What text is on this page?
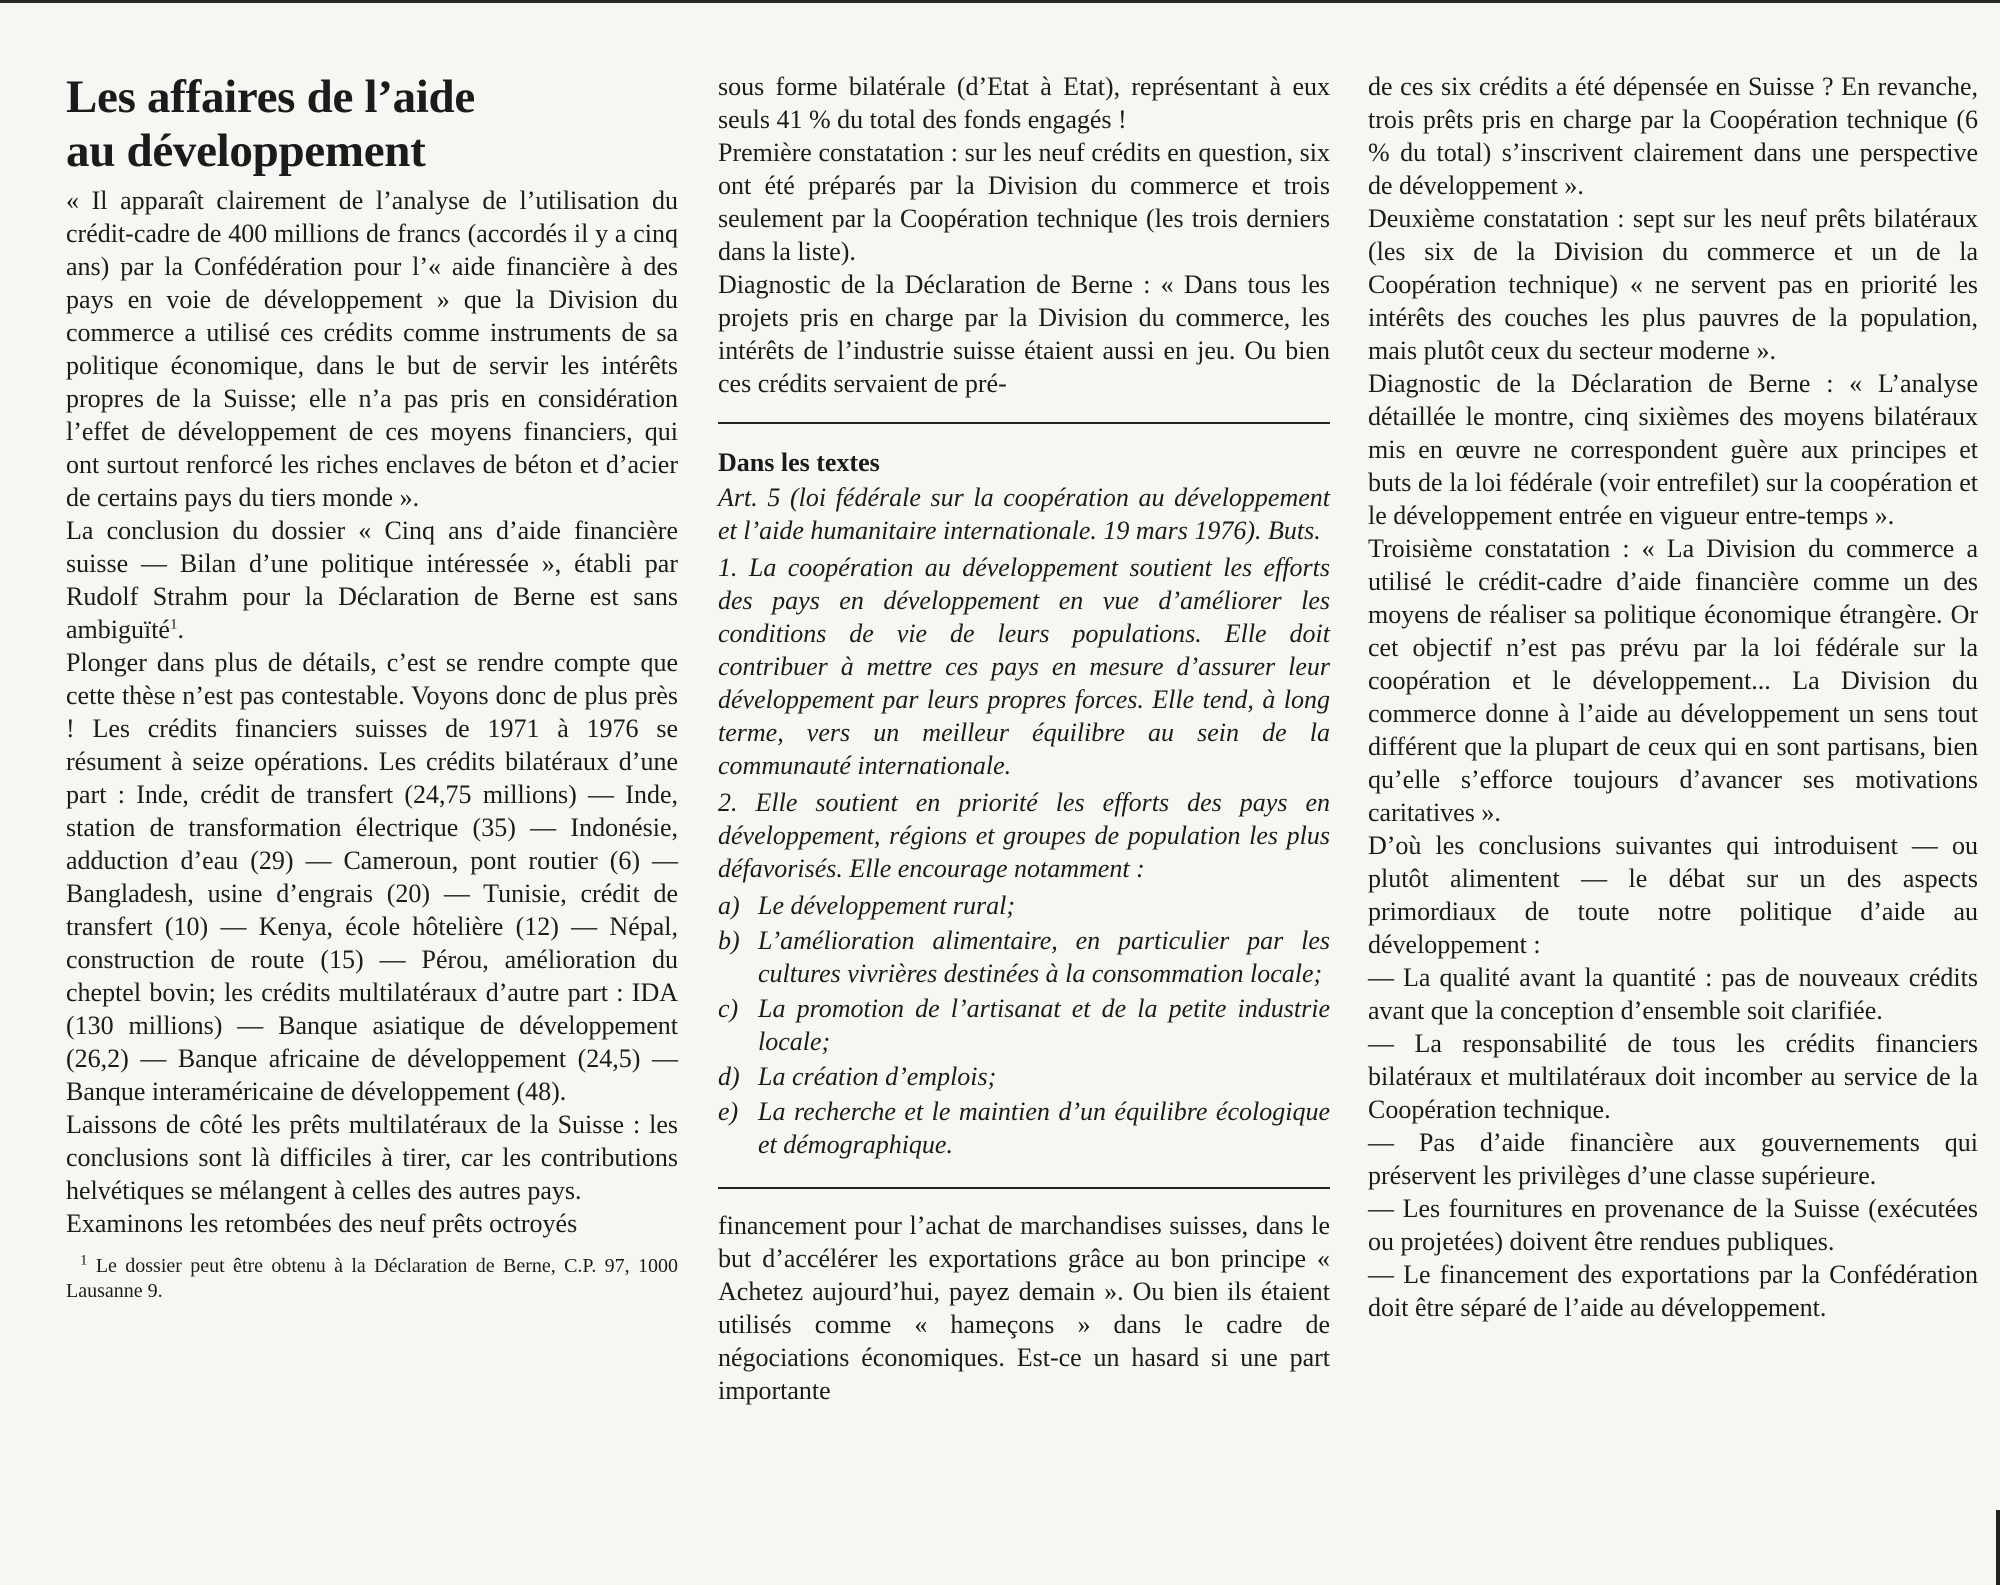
Les affaires de l’aide
au développement

« Il apparaît clairement de l’analyse de l’utilisation du crédit-cadre de 400 millions de francs (accordés il y a cinq ans) par la Confédération pour l’« aide financière à des pays en voie de développement » que la Division du commerce a utilisé ces crédits comme instruments de sa politique économique, dans le but de servir les intérêts propres de la Suisse; elle n’a pas pris en considération l’effet de développement de ces moyens financiers, qui ont surtout renforcé les riches enclaves de béton et d’acier de certains pays du tiers monde ».

La conclusion du dossier « Cinq ans d’aide financière suisse — Bilan d’une politique intéressée », établi par Rudolf Strahm pour la Déclaration de Berne est sans ambiguïté$^1$.

Plonger dans plus de détails, c’est se rendre compte que cette thèse n’est pas contestable. Voyons donc de plus près ! Les crédits financiers suisses de 1971 à 1976 se résument à seize opérations. Les crédits bilatéraux d’une part : Inde, crédit de transfert (24,75 millions) — Inde, station de transformation électrique (35) — Indonésie, adduction d’eau (29) — Cameroun, pont routier (6) — Bangladesh, usine d’engrais (20) — Tunisie, crédit de transfert (10) — Kenya, école hôtelière (12) — Népal, construction de route (15) — Pérou, amélioration du cheptel bovin; les crédits multilatéraux d’autre part : IDA (130 millions) — Banque asiatique de développement (26,2) — Banque africaine de développement (24,5) — Banque interaméricaine de développement (48).

Laissons de côté les prêts multilatéraux de la Suisse : les conclusions sont là difficiles à tirer, car les contributions helvétiques se mélangent à celles des autres pays.

Examinons les retombées des neuf prêts octroyés

$^1$ Le dossier peut être obtenu à la Déclaration de Berne, C.P. 97, 1000 Lausanne 9.

sous forme bilatérale (d’Etat à Etat), représentant à eux seuls 41 % du total des fonds engagés !

Première constatation : sur les neuf crédits en question, six ont été préparés par la Division du commerce et trois seulement par la Coopération technique (les trois derniers dans la liste).

Diagnostic de la Déclaration de Berne : « Dans tous les projets pris en charge par la Division du commerce, les intérêts de l’industrie suisse étaient aussi en jeu. Ou bien ces crédits servaient de pré-

Dans les textes

Art. 5 (loi fédérale sur la coopération au développement et l’aide humanitaire internationale. 19 mars 1976). Buts.

1. La coopération au développement soutient les efforts des pays en développement en vue d’améliorer les conditions de vie de leurs populations. Elle doit contribuer à mettre ces pays en mesure d’assurer leur développement par leurs propres forces. Elle tend, à long terme, vers un meilleur équilibre au sein de la communauté internationale.

2. Elle soutient en priorité les efforts des pays en développement, régions et groupes de population les plus défavorisés. Elle encourage notamment :

a) Le développement rural;
b) L’amélioration alimentaire, en particulier par les cultures vivrières destinées à la consommation locale;
c) La promotion de l’artisanat et de la petite industrie locale;
d) La création d’emplois;
e) La recherche et le maintien d’un équilibre écologique et démographique.

financement pour l’achat de marchandises suisses, dans le but d’accélérer les exportations grâce au bon principe « Achetez aujourd’hui, payez demain ». Ou bien ils étaient utilisés comme « hameçons » dans le cadre de négociations économiques. Est-ce un hasard si une part importante

de ces six crédits a été dépensée en Suisse ? En revanche, trois prêts pris en charge par la Coopération technique (6 % du total) s’inscrivent clairement dans une perspective de développement ».

Deuxième constatation : sept sur les neuf prêts bilatéraux (les six de la Division du commerce et un de la Coopération technique) « ne servent pas en priorité les intérêts des couches les plus pauvres de la population, mais plutôt ceux du secteur moderne ».

Diagnostic de la Déclaration de Berne : « L’analyse détaillée le montre, cinq sixièmes des moyens bilatéraux mis en œuvre ne correspondent guère aux principes et buts de la loi fédérale (voir entrefilet) sur la coopération et le développement entrée en vigueur entre-temps ».

Troisième constatation : « La Division du commerce a utilisé le crédit-cadre d’aide financière comme un des moyens de réaliser sa politique économique étrangère. Or cet objectif n’est pas prévu par la loi fédérale sur la coopération et le développement... La Division du commerce donne à l’aide au développement un sens tout différent que la plupart de ceux qui en sont partisans, bien qu’elle s’efforce toujours d’avancer ses motivations caritatives ».

D’où les conclusions suivantes qui introduisent — ou plutôt alimentent — le débat sur un des aspects primordiaux de toute notre politique d’aide au développement :

— La qualité avant la quantité : pas de nouveaux crédits avant que la conception d’ensemble soit clarifiée.

— La responsabilité de tous les crédits financiers bilatéraux et multilatéraux doit incomber au service de la Coopération technique.

— Pas d’aide financière aux gouvernements qui préservent les privilèges d’une classe supérieure.

— Les fournitures en provenance de la Suisse (exécutées ou projetées) doivent être rendues publiques.

— Le financement des exportations par la Confédération doit être séparé de l’aide au développement.
